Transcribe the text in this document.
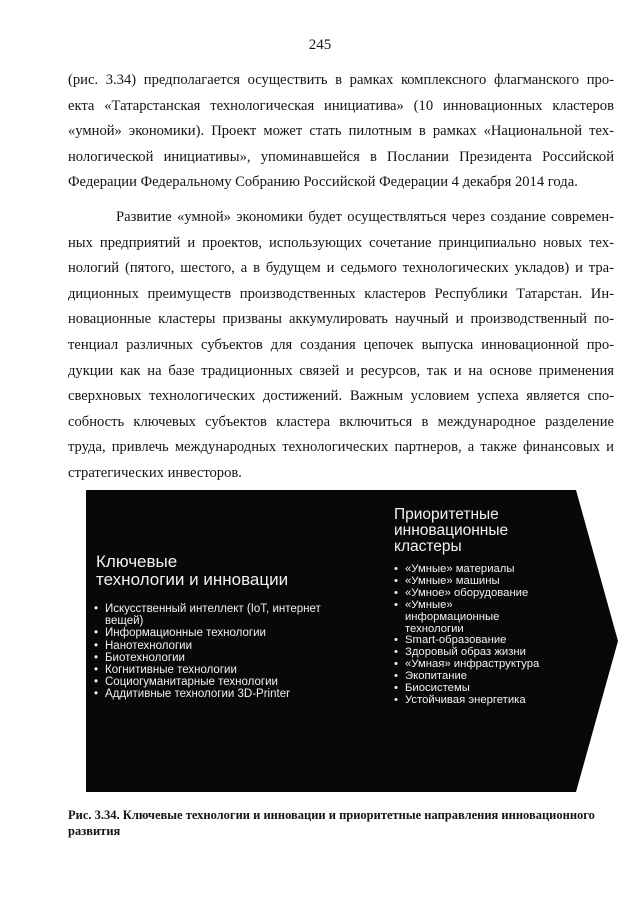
245

(рис. 3.34) предполагается осуществить в рамках комплексного флагманского про-
екта «Татарстанская технологическая инициатива» (10 инновационных кластеров
«умной» экономики). Проект может стать пилотным в рамках «Национальной тех-
нологической инициативы», упоминавшейся в Послании Президента Российской
Федерации Федеральному Собранию Российской Федерации 4 декабря 2014 года.

Развитие «умной» экономики будет осуществляться через создание современ-
ных предприятий и проектов, использующих сочетание принципиально новых тех-
нологий (пятого, шестого, а в будущем и седьмого технологических укладов) и тра-
диционных преимуществ производственных кластеров Республики Татарстан. Ин-
новационные кластеры призваны аккумулировать научный и производственный по-
тенциал различных субъектов для создания цепочек выпуска инновационной про-
дукции как на базе традиционных связей и ресурсов, так и на основе применения
сверхновых технологических достижений. Важным условием успеха является спо-
собность ключевых субъектов кластера включиться в международное разделение
труда, привлечь международных технологических партнеров, а также финансовых и
стратегических инвесторов.

Ключевые
технологии и инновации
• Искусственный интеллект (IoT, интернет вещей)
• Информационные технологии
• Нанотехнологии
• Биотехнологии
• Когнитивные технологии
• Социогуманитарные технологии
• Аддитивные технологии 3D-Printer
Приоритетные
инновационные
кластеры
• «Умные» материалы
• «Умные» машины
• «Умное» оборудование
• «Умные» информационные технологии
• Smart-образование
• Здоровый образ жизни
• «Умная» инфраструктура
• Экопитание
• Биосистемы
• Устойчивая энергетика

Рис. 3.34. Ключевые технологии и инновации и приоритетные направления инновационного
развития
